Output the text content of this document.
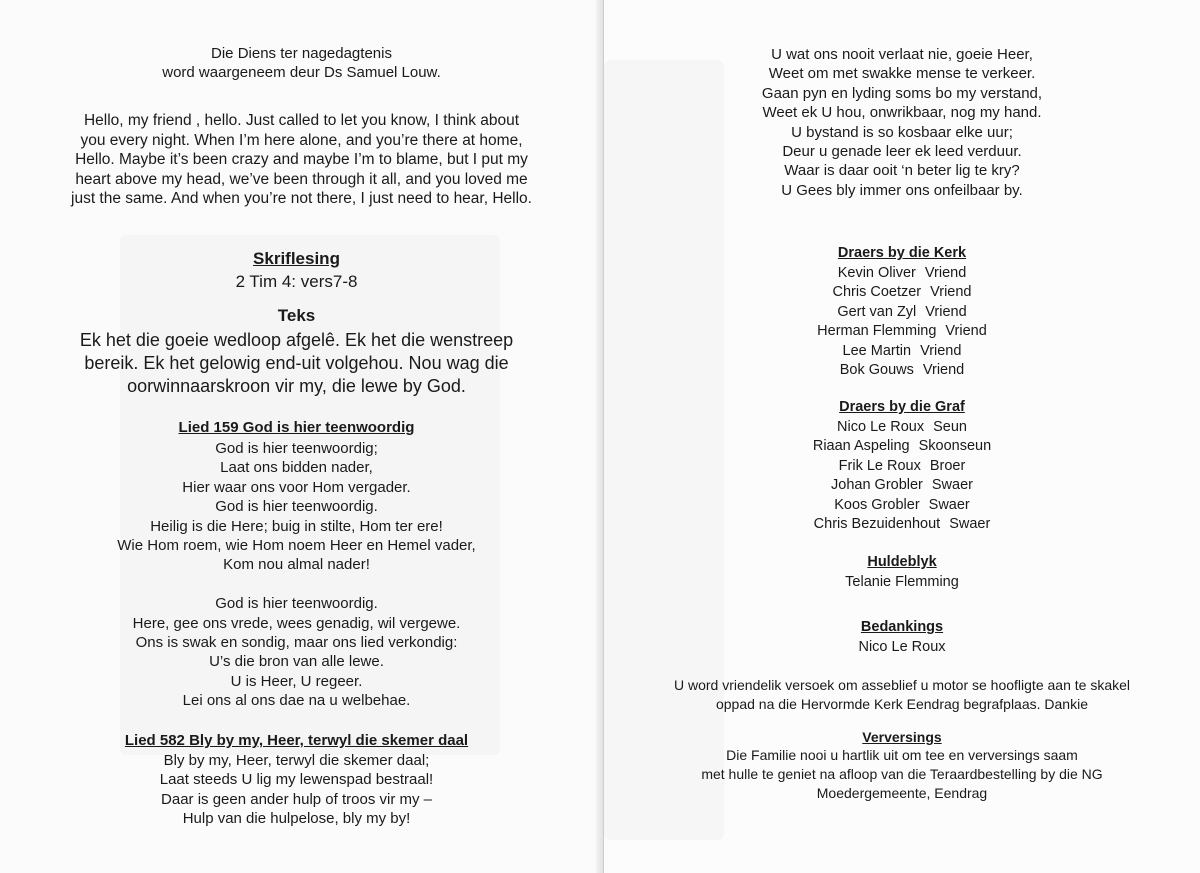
Die Diens ter nagedagtenis
word waargeneem deur Ds Samuel Louw.
Hello, my friend , hello. Just called to let you know, I think about
you every night. When I’m here alone, and you’re there at home,
Hello. Maybe it’s been crazy and maybe I’m to blame, but I put my
heart above my head, we’ve been through it all, and you loved me
just the same. And when you’re not there, I just need to hear, Hello.
Skriflesing
2 Tim 4: vers7-8
Teks
Ek het die goeie wedloop afgelê. Ek het die wenstreep
bereik. Ek het gelowig end-uit volgehou. Nou wag die
oorwinnaarskroon vir my, die lewe by God.
Lied 159 God is hier teenwoordig
God is hier teenwoordig;
Laat ons bidden nader,
Hier waar ons voor Hom vergader.
God is hier teenwoordig.
Heilig is die Here; buig in stilte, Hom ter ere!
Wie Hom roem, wie Hom noem Heer en Hemel vader,
Kom nou almal nader!
God is hier teenwoordig.
Here, gee ons vrede, wees genadig, wil vergewe.
Ons is swak en sondig, maar ons lied verkondig:
U’s die bron van alle lewe.
U is Heer, U regeer.
Lei ons al ons dae na u welbehae.
Lied 582 Bly by my, Heer, terwyl die skemer daal
Bly by my, Heer, terwyl die skemer daal;
Laat steeds U lig my lewenspad bestraal!
Daar is geen ander hulp of troos vir my –
Hulp van die hulpelose, bly my by!
U wat ons nooit verlaat nie, goeie Heer,
Weet om met swakke mense te verkeer.
Gaan pyn en lyding soms bo my verstand,
Weet ek U hou, onwrikbaar, nog my hand.
U bystand is so kosbaar elke uur;
Deur u genade leer ek leed verduur.
Waar is daar ooit ‘n beter lig te kry?
U Gees bly immer ons onfeilbaar by.
Draers by die Kerk
Kevin Oliver Vriend
Chris Coetzer Vriend
Gert van Zyl Vriend
Herman Flemming Vriend
Lee Martin Vriend
Bok Gouws Vriend
Draers by die Graf
Nico Le Roux Seun
Riaan Aspeling Skoonseun
Frik Le Roux Broer
Johan Grobler Swaer
Koos Grobler Swaer
Chris Bezuidenhout Swaer
Huldeblyk
Telanie Flemming
Bedankings
Nico Le Roux
U word vriendelik versoek om asseblief u motor se hoofligte aan te skakel
oppad na die Hervormde Kerk Eendrag begrafplaas. Dankie
Verversings
Die Familie nooi u hartlik uit om tee en verversings saam
met hulle te geniet na afloop van die Teraardbestelling by die NG
Moedergemeente, Eendrag
